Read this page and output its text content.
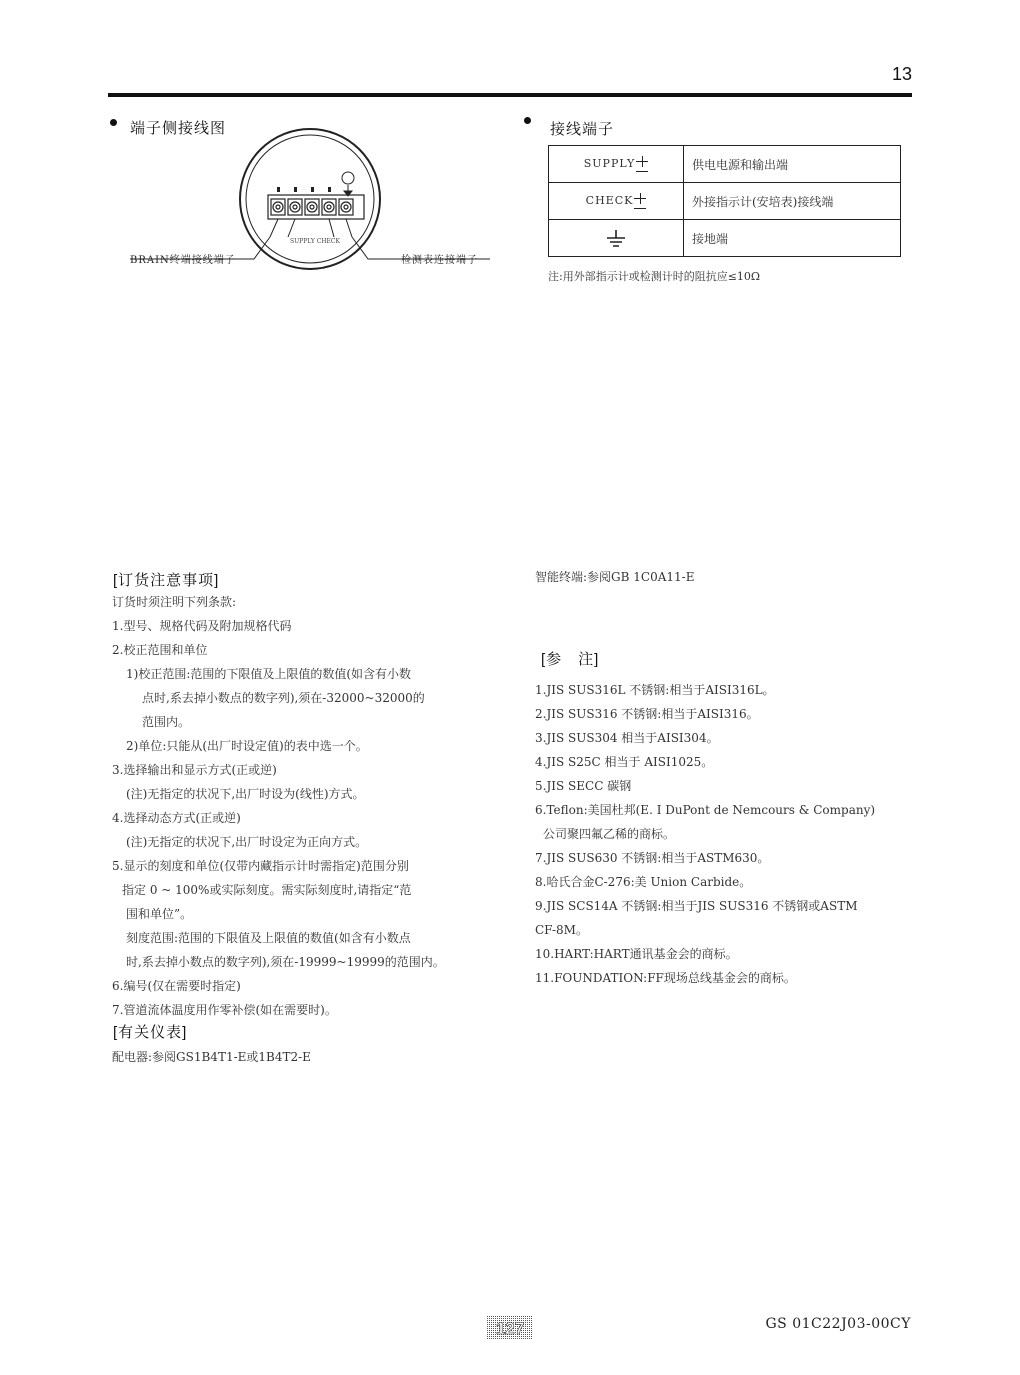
13
端子侧接线图
SUPPLY CHECK
BRAIN终端接线端子	检测表连接端子
接线端子
SUPPLY	供电电源和输出端
CHECK	外接指示计(安培表)接线端
	接地端
注:用外部指示计或检测计时的阻抗应≤10Ω
[订货注意事项]
订货时须注明下列条款:
1.型号、规格代码及附加规格代码
2.校正范围和单位
1)校正范围:范围的下限值及上限值的数值(如含有小数
点时,系去掉小数点的数字列),须在-32000~32000的
范围内。
2)单位:只能从(出厂时设定值)的表中选一个。
3.选择输出和显示方式(正或逆)
(注)无指定的状况下,出厂时设为(线性)方式。
4.选择动态方式(正或逆)
(注)无指定的状况下,出厂时设定为正向方式。
5.显示的刻度和单位(仅带内藏指示计时需指定)范围分别
指定 0 ~ 100%或实际刻度。需实际刻度时,请指定“范
围和单位”。
刻度范围:范围的下限值及上限值的数值(如含有小数点
时,系去掉小数点的数字列),须在-19999~19999的范围内。
6.编号(仅在需要时指定)
7.管道流体温度用作零补偿(如在需要时)。
[有关仪表]
配电器:参阅GS1B4T1-E或1B4T2-E
智能终端:参阅GB 1C0A11-E
[参　注]
1.JIS SUS316L 不锈钢:相当于AISI316L。
2.JIS SUS316 不锈钢:相当于AISI316。
3.JIS SUS304 相当于AISI304。
4.JIS S25C 相当于 AISI1025。
5.JIS SECC 碳钢
6.Teflon:美国杜邦(E. I DuPont de Nemcours & Company)
公司聚四氟乙稀的商标。
7.JIS SUS630 不锈钢:相当于ASTM630。
8.哈氏合金C-276:美 Union Carbide。
9.JIS SCS14A 不锈钢:相当于JIS SUS316 不锈钢或ASTM
CF-8M。
10.HART:HART通讯基金会的商标。
11.FOUNDATION:FF现场总线基金会的商标。
127	GS 01C22J03-00CY
